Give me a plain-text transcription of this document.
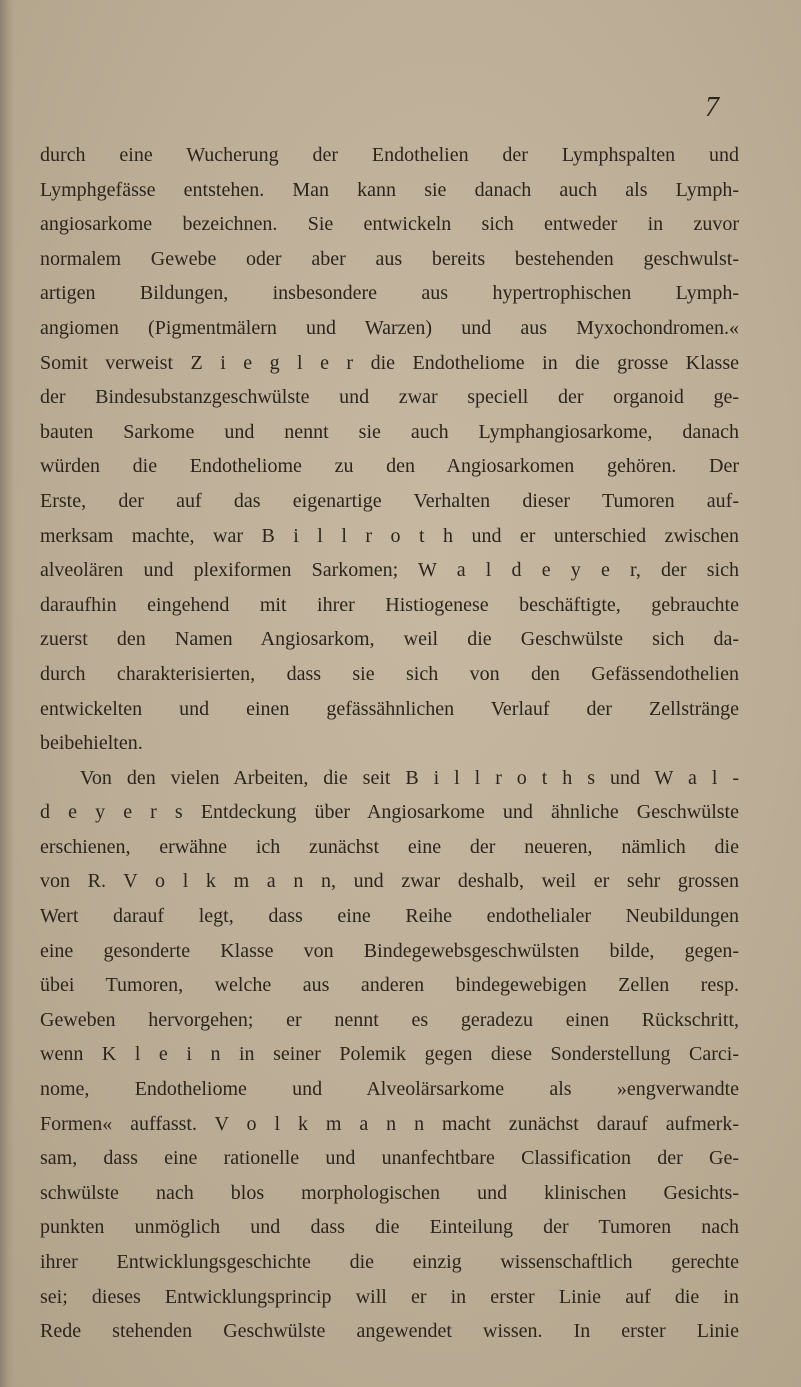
7
durch eine Wucherung der Endothelien der Lymphspalten und
Lymphgefässe entstehen. Man kann sie danach auch als Lymph-
angiosarkome bezeichnen. Sie entwickeln sich entweder in zuvor
normalem Gewebe oder aber aus bereits bestehenden geschwulst-
artigen Bildungen, insbesondere aus hypertrophischen Lymph-
angiomen (Pigmentmälern und Warzen) und aus Myxochondromen.«
Somit verweist Z i e g l e r die Endotheliome in die grosse Klasse
der Bindesubstanzgeschwülste und zwar speciell der organoid ge-
bauten Sarkome und nennt sie auch Lymphangiosarkome, danach
würden die Endotheliome zu den Angiosarkomen gehören. Der
Erste, der auf das eigenartige Verhalten dieser Tumoren auf-
merksam machte, war B i l l r o t h und er unterschied zwischen
alveolären und plexiformen Sarkomen; W a l d e y e r, der sich
daraufhin eingehend mit ihrer Histiogenese beschäftigte, gebrauchte
zuerst den Namen Angiosarkom, weil die Geschwülste sich da-
durch charakterisierten, dass sie sich von den Gefässendothelien
entwickelten und einen gefässähnlichen Verlauf der Zellstränge
beibehielten.
Von den vielen Arbeiten, die seit B i l l r o t h s und W a l -
d e y e r s Entdeckung über Angiosarkome und ähnliche Geschwülste
erschienen, erwähne ich zunächst eine der neueren, nämlich die
von R. V o l k m a n n, und zwar deshalb, weil er sehr grossen
Wert darauf legt, dass eine Reihe endothelialer Neubildungen
eine gesonderte Klasse von Bindegewebsgeschwülsten bilde, gegen-
übei Tumoren, welche aus anderen bindegewebigen Zellen resp.
Geweben hervorgehen; er nennt es geradezu einen Rückschritt,
wenn K l e i n in seiner Polemik gegen diese Sonderstellung Carci-
nome, Endotheliome und Alveolärsarkome als »engverwandte
Formen« auffasst. V o l k m a n n macht zunächst darauf aufmerk-
sam, dass eine rationelle und unanfechtbare Classification der Ge-
schwülste nach blos morphologischen und klinischen Gesichts-
punkten unmöglich und dass die Einteilung der Tumoren nach
ihrer Entwicklungsgeschichte die einzig wissenschaftlich gerechte
sei; dieses Entwicklungsprincip will er in erster Linie auf die in
Rede stehenden Geschwülste angewendet wissen. In erster Linie
